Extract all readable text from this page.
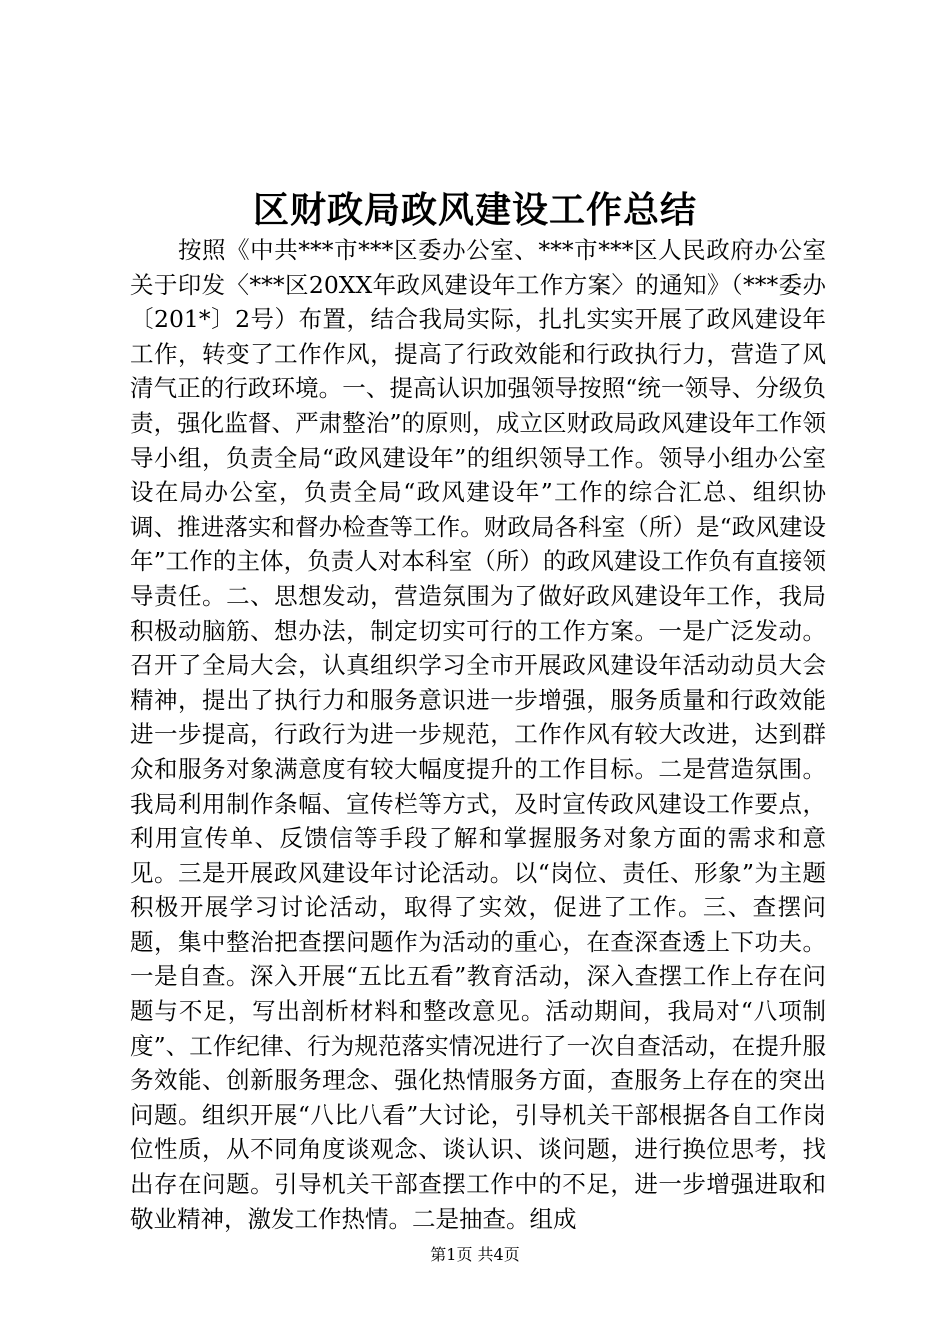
区财政局政风建设工作总结

按照《中共***市***区委办公室、***市***区人民政府办公室关于印发〈***区20XX年政风建设年工作方案〉的通知》（***委办〔201*〕2号）布置，结合我局实际，扎扎实实开展了政风建设年工作，转变了工作作风，提高了行政效能和行政执行力，营造了风清气正的行政环境。一、提高认识加强领导按照“统一领导、分级负责，强化监督、严肃整治”的原则，成立区财政局政风建设年工作领导小组，负责全局“政风建设年”的组织领导工作。领导小组办公室设在局办公室，负责全局“政风建设年”工作的综合汇总、组织协调、推进落实和督办检查等工作。财政局各科室（所）是“政风建设年”工作的主体，负责人对本科室（所）的政风建设工作负有直接领导责任。二、思想发动，营造氛围为了做好政风建设年工作，我局积极动脑筋、想办法，制定切实可行的工作方案。一是广泛发动。召开了全局大会，认真组织学习全市开展政风建设年活动动员大会精神，提出了执行力和服务意识进一步增强，服务质量和行政效能进一步提高，行政行为进一步规范，工作作风有较大改进，达到群众和服务对象满意度有较大幅度提升的工作目标。二是营造氛围。我局利用制作条幅、宣传栏等方式，及时宣传政风建设工作要点，利用宣传单、反馈信等手段了解和掌握服务对象方面的需求和意见。三是开展政风建设年讨论活动。以“岗位、责任、形象”为主题积极开展学习讨论活动，取得了实效，促进了工作。三、查摆问题，集中整治把查摆问题作为活动的重心，在查深查透上下功夫。一是自查。深入开展“五比五看”教育活动，深入查摆工作上存在问题与不足，写出剖析材料和整改意见。活动期间，我局对“八项制度”、工作纪律、行为规范落实情况进行了一次自查活动，在提升服务效能、创新服务理念、强化热情服务方面，查服务上存在的突出问题。组织开展“八比八看”大讨论，引导机关干部根据各自工作岗位性质，从不同角度谈观念、谈认识、谈问题，进行换位思考，找出存在问题。引导机关干部查摆工作中的不足，进一步增强进取和敬业精神，激发工作热情。二是抽查。组成

第1页 共4页
